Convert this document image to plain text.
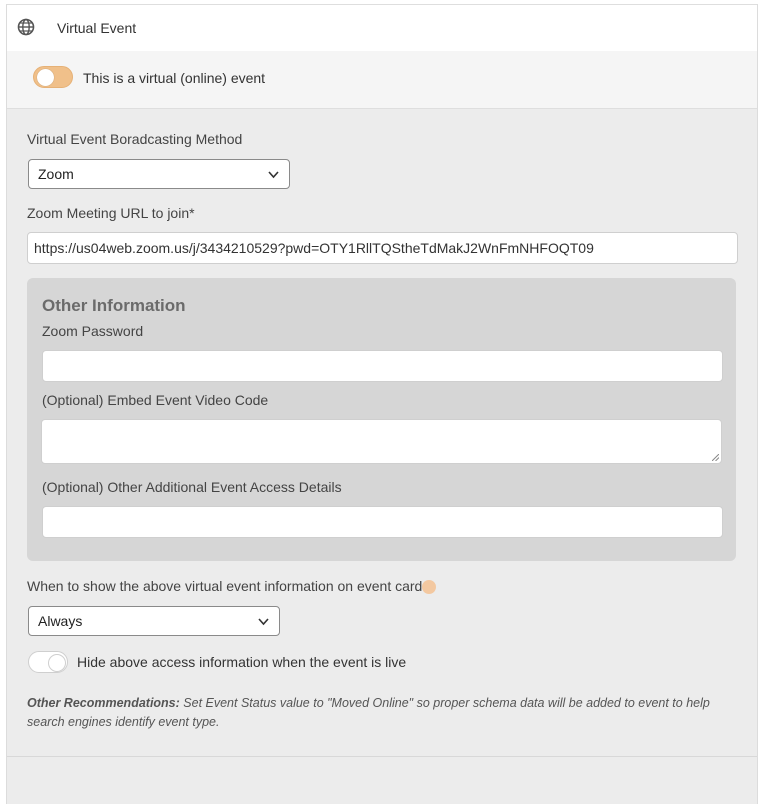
Virtual Event
This is a virtual (online) event
Virtual Event Boradcasting Method
Zoom
Zoom Meeting URL to join*
https://us04web.zoom.us/j/3434210529?pwd=OTY1RllTQStheTdMakJ2WnFmNHFOQT09
Other Information
Zoom Password
(Optional) Embed Event Video Code
(Optional) Other Additional Event Access Details
When to show the above virtual event information on event card
Always
Hide above access information when the event is live
Other Recommendations: Set Event Status value to "Moved Online" so proper schema data will be added to event to help search engines identify event type.
